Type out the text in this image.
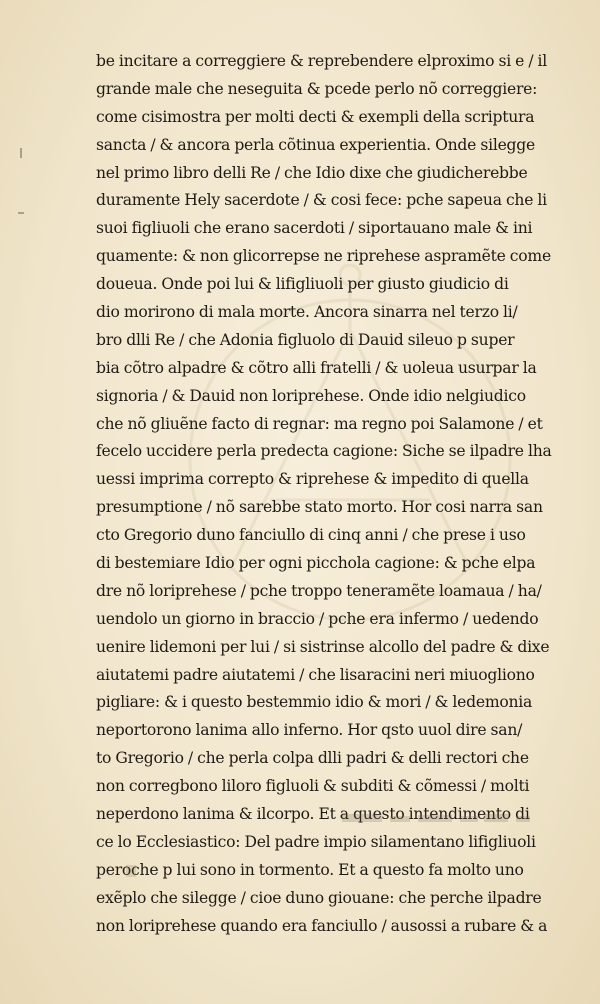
be incitare a correggiere & reprebendere elproximo si e / il
grande male che neseguita & pcede perlo nõ correggiere:
come cisimostra per molti decti & exempli della scriptura
sancta / & ancora perla cõtinua experientia. Onde silegge
nel primo libro delli Re / che Idio dixe che giudicherebbe
duramente Hely sacerdote / & cosi fece: pche sapeua che li
suoi figliuoli che erano sacerdoti / siportauano male & ini
quamente: & non glicorrepse ne riprehese aspramẽte come
doueua. Onde poi lui & lifigliuoli per giusto giudicio di
dio morirono di mala morte. Ancora sinarra nel terzo li/
bro dlli Re / che Adonia figluolo di Dauid sileuo p super
bia cõtro alpadre & cõtro alli fratelli / & uoleua usurpar la
signoria / & Dauid non loriprehese. Onde idio nelgiudico
che nõ gliuẽne facto di regnar: ma regno poi Salamone / et
fecelo uccidere perla predecta cagione: Siche se ilpadre lha
uessi imprima correpto & riprehese & impedito di quella
presumptione / nõ sarebbe stato morto. Hor cosi narra san
cto Gregorio duno fanciullo di cinq anni / che prese i uso
di bestemiare Idio per ogni picchola cagione: & pche elpa
dre nõ loriprehese / pche troppo teneramẽte loamaua / ha/
uendolo un giorno in braccio / pche era infermo / uedendo
uenire lidemoni per lui / si sistrinse alcollo del padre & dixe
aiutatemi padre aiutatemi / che lisaracini neri miuogliono
pigliare: & i questo bestemmio idio & mori / & ledemonia
neportorono lanima allo inferno. Hor qsto uuol dire san/
to Gregorio / che perla colpa dlli padri & delli rectori che
non corregbono liloro figluoli & subditi & cõmessi / molti
neperdono lanima & ilcorpo. Et a questo intendimento di
ce lo Ecclesiastico: Del padre impio silamentano lifigliuoli
peroche p lui sono in tormento. Et a questo fa molto uno
exẽplo che silegge / cioe duno giouane: che perche ilpadre
non loriprehese quando era fanciullo / ausossi a rubare & a
